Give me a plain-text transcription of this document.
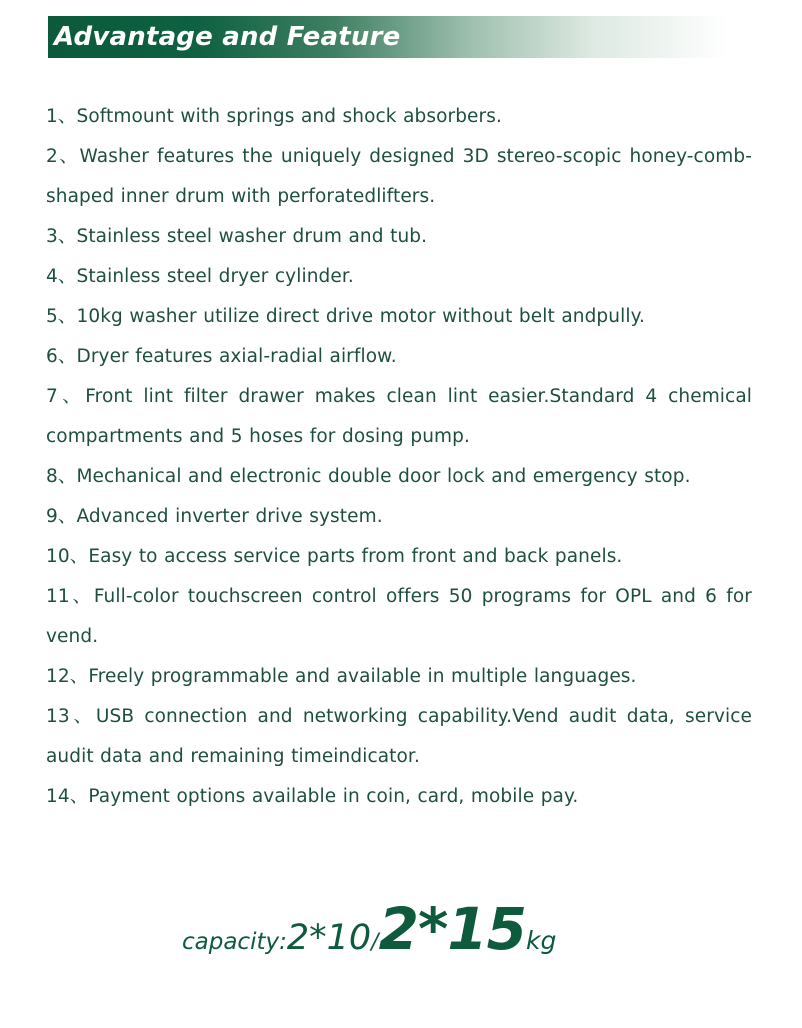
Advantage and Feature
1、Softmount with springs and shock absorbers.
2、Washer features the uniquely designed 3D stereo-scopic honey-comb-shaped inner drum with perforatedlifters.
3、Stainless steel washer drum and tub.
4、Stainless steel dryer cylinder.
5、10kg washer utilize direct drive motor without belt andpully.
6、Dryer features axial-radial airflow.
7、Front lint filter drawer makes clean lint easier.Standard 4 chemical compartments and 5 hoses for dosing pump.
8、Mechanical and electronic double door lock and emergency stop.
9、Advanced inverter drive system.
10、Easy to access service parts from front and back panels.
11、Full-color touchscreen control offers 50 programs for OPL and 6 for vend.
12、Freely programmable and available in multiple languages.
13、USB connection and networking capability.Vend audit data, service audit data and remaining timeindicator.
14、Payment options available in coin, card, mobile pay.
capacity:2*10/2*15kg
